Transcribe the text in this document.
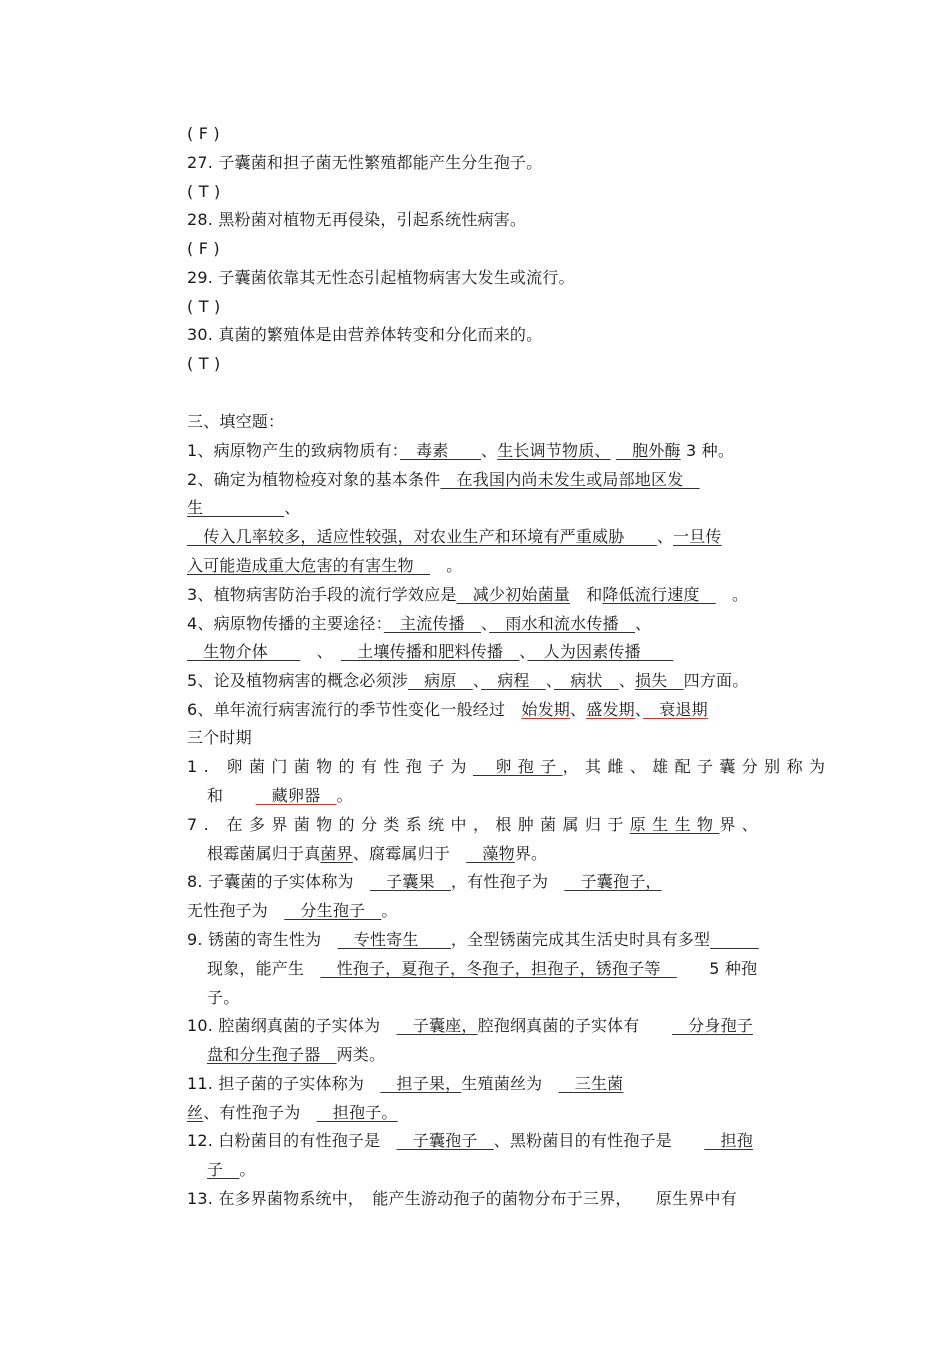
( F )
27. 子囊菌和担子菌无性繁殖都能产生分生孢子。
( T )
28. 黑粉菌对植物无再侵染，引起系统性病害。
( F )
29. 子囊菌依靠其无性态引起植物病害大发生或流行。
( T )
30. 真菌的繁殖体是由营养体转变和分化而来的。
( T )
三、填空题：
1、病原物产生的致病物质有：　毒素　　、生长调节物质、 　胞外酶 3 种。
2、确定为植物检疫对象的基本条件　在我国内尚未发生或局部地区发　
生　　　　　、
　传入几率较多，适应性较强，对农业生产和环境有严重威胁　　、一旦传
入可能造成重大危害的有害生物　　。
3、植物病害防治手段的流行学效应是　减少初始菌量　和降低流行速度　　。
4、病原物传播的主要途径：　主流传播　、　雨水和流水传播　、
　生物介体　　　、　　土壤传播和肥料传播　、　人为因素传播　　
5、论及植物病害的概念必须涉　病原　、　病程　、　病状　、损失　四方面。
6、单年流行病害流行的季节性变化一般经过　 始发期、盛发期、　衰退期
三个时期
1. 卵菌门菌物的有性孢子为　卵孢子，其雌、雄配子囊分别称为
和　　　藏卵器　。
7. 在多界菌物的分类系统中，根肿菌属归于原生生物界、
根霉菌属归于真菌界、腐霉属归于　　藻物界。
8. 子囊菌的子实体称为　　子囊果　，有性孢子为　　子囊孢子，
无性孢子为　　分生孢子　。
9. 锈菌的寄生性为　　专性寄生　　，全型锈菌完成其生活史时具有多型　　　
现象，能产生　　性孢子，夏孢子，冬孢子，担孢子，锈孢子等　　　5 种孢
子。
10. 腔菌纲真菌的子实体为　　子囊座，腔孢纲真菌的子实体有　　　分身孢子
盘和分生孢子器　两类。
11. 担子菌的子实体称为　　担子果，生殖菌丝为　　三生菌
丝、有性孢子为　　担孢子。
12. 白粉菌目的有性孢子是　　子囊孢子　、黑粉菌目的有性孢子是　　　担孢
子　。
13. 在多界菌物系统中，　能产生游动孢子的菌物分布于三界，　　原生界中有
